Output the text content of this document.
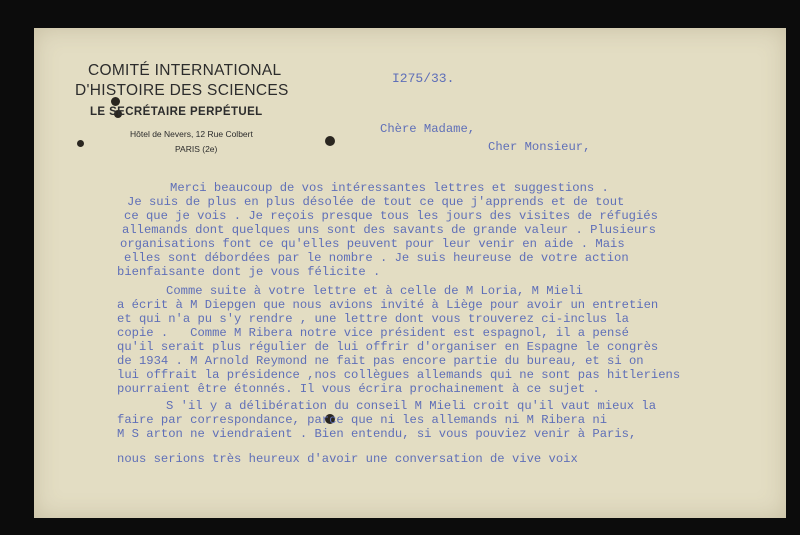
COMITÉ INTERNATIONAL
D'HISTOIRE DES SCIENCES
LE SECRÉTAIRE PERPÉTUEL
Hôtel de Nevers, 12 Rue Colbert
PARIS (2e)
I275/33.
Chère Madame,
Cher Monsieur,
Merci beaucoup de vos intéressantes lettres et suggestions .
Je suis de plus en plus désolée de tout ce que j'apprends et de tout
ce que je vois . Je reçois presque tous les jours des visites de réfugiés
allemands dont quelques uns sont des savants de grande valeur . Plusieurs
organisations font ce qu'elles peuvent pour leur venir en aide . Mais
elles sont débordées par le nombre . Je suis heureuse de votre action
bienfaisante dont je vous félicite .
Comme suite à votre lettre et à celle de M Loria, M Mieli
a écrit à M Diepgen que nous avions invité à Liège pour avoir un entretien
et qui n'a pu s'y rendre , une lettre dont vous trouverez ci-inclus la
copie .   Comme M Ribera notre vice président est espagnol, il a pensé
qu'il serait plus régulier de lui offrir d'organiser en Espagne le congrès
de 1934 . M Arnold Reymond ne fait pas encore partie du bureau, et si on
lui offrait la présidence ,nos collègues allemands qui ne sont pas hitleriens
pourraient être étonnés. Il vous écrira prochainement à ce sujet .
S 'il y a délibération du conseil M Mieli croit qu'il vaut mieux la
faire par correspondance, parce que ni les allemands ni M Ribera ni
M S arton ne viendraient . Bien entendu, si vous pouviez venir à Paris,
nous serions très heureux d'avoir une conversation de vive voix
